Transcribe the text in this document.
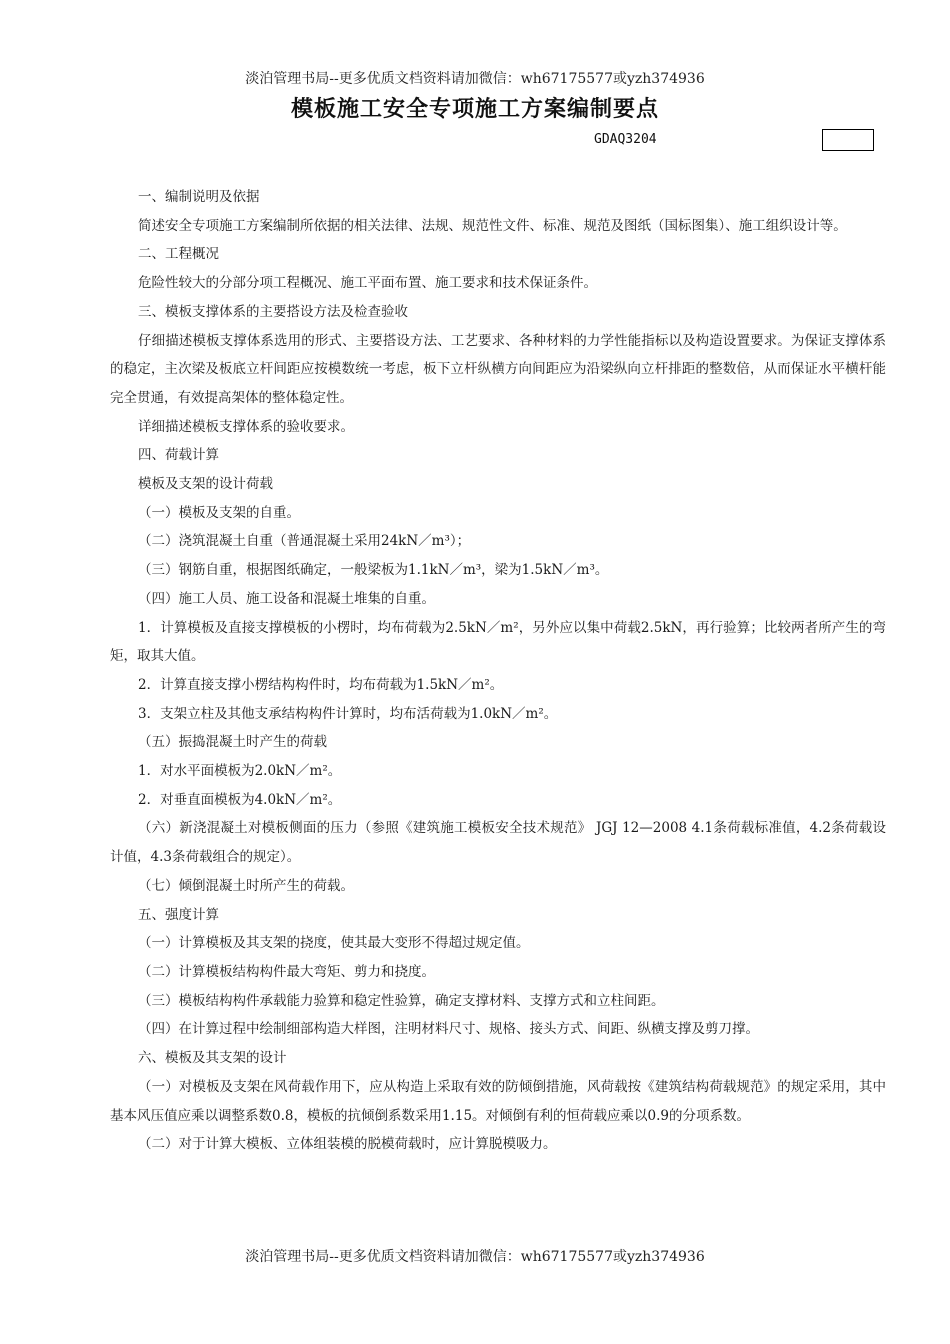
淡泊管理书局--更多优质文档资料请加微信：wh67175577或yzh374936
模板施工安全专项施工方案编制要点
GDAQ3204

一、编制说明及依据

简述安全专项施工方案编制所依据的相关法律、法规、规范性文件、标准、规范及图纸（国标图集）、施工组织设计等。

二、工程概况

危险性较大的分部分项工程概况、施工平面布置、施工要求和技术保证条件。

三、模板支撑体系的主要搭设方法及检查验收

仔细描述模板支撑体系选用的形式、主要搭设方法、工艺要求、各种材料的力学性能指标以及构造设置要求。为保证支撑体系的稳定，主次梁及板底立杆间距应按模数统一考虑，板下立杆纵横方向间距应为沿梁纵向立杆排距的整数倍，从而保证水平横杆能完全贯通，有效提高架体的整体稳定性。

详细描述模板支撑体系的验收要求。

四、荷载计算

模板及支架的设计荷载

（一）模板及支架的自重。

（二）浇筑混凝土自重（普通混凝土采用24kN／m³）；

（三）钢筋自重，根据图纸确定，一般梁板为1.1kN／m³，梁为1.5kN／m³。

（四）施工人员、施工设备和混凝土堆集的自重。

1．计算模板及直接支撑模板的小楞时，均布荷载为2.5kN／m²，另外应以集中荷载2.5kN，再行验算；比较两者所产生的弯矩，取其大值。

2．计算直接支撑小楞结构构件时，均布荷载为1.5kN／m²。

3．支架立柱及其他支承结构构件计算时，均布活荷载为1.0kN／m²。

（五）振捣混凝土时产生的荷载

1．对水平面模板为2.0kN／m²。

2．对垂直面模板为4.0kN／m²。

（六）新浇混凝土对模板侧面的压力（参照《建筑施工模板安全技术规范》 JGJ 12—2008 4.1条荷载标准值，4.2条荷载设计值，4.3条荷载组合的规定）。

（七）倾倒混凝土时所产生的荷载。

五、强度计算

（一）计算模板及其支架的挠度，使其最大变形不得超过规定值。

（二）计算模板结构构件最大弯矩、剪力和挠度。

（三）模板结构构件承载能力验算和稳定性验算，确定支撑材料、支撑方式和立柱间距。

（四）在计算过程中绘制细部构造大样图，注明材料尺寸、规格、接头方式、间距、纵横支撑及剪刀撑。

六、模板及其支架的设计

（一）对模板及支架在风荷载作用下，应从构造上采取有效的防倾倒措施，风荷载按《建筑结构荷载规范》的规定采用，其中基本风压值应乘以调整系数0.8，模板的抗倾倒系数采用1.15。对倾倒有利的恒荷载应乘以0.9的分项系数。

（二）对于计算大模板、立体组装模的脱模荷载时，应计算脱模吸力。

淡泊管理书局--更多优质文档资料请加微信：wh67175577或yzh374936
